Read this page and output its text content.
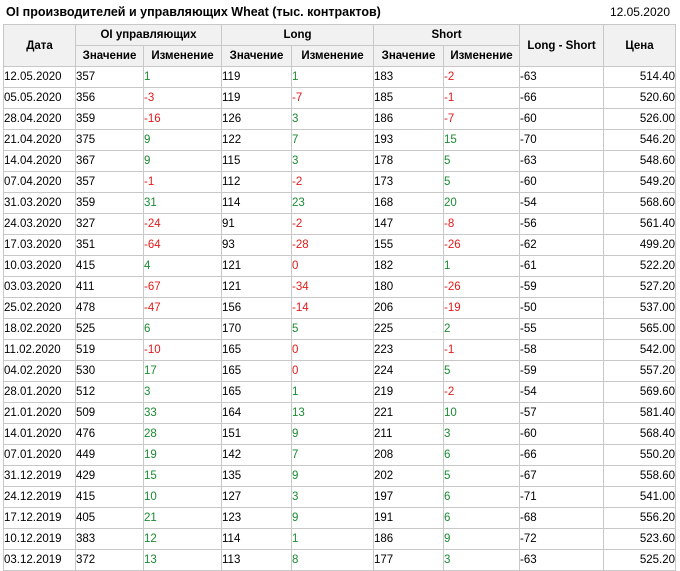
OI производителей и управляющих Wheat (тыс. контрактов)	12.05.2020
Дата	OI управляющих		Long		Short		Long - Short	Цена
	Значение	Изменение	Значение	Изменение	Значение	Изменение		
12.05.2020	357	1	119	1	183	-2	-63	514.40
05.05.2020	356	-3	119	-7	185	-1	-66	520.60
28.04.2020	359	-16	126	3	186	-7	-60	526.00
21.04.2020	375	9	122	7	193	15	-70	546.20
14.04.2020	367	9	115	3	178	5	-63	548.60
07.04.2020	357	-1	112	-2	173	5	-60	549.20
31.03.2020	359	31	114	23	168	20	-54	568.60
24.03.2020	327	-24	91	-2	147	-8	-56	561.40
17.03.2020	351	-64	93	-28	155	-26	-62	499.20
10.03.2020	415	4	121	0	182	1	-61	522.20
03.03.2020	411	-67	121	-34	180	-26	-59	527.20
25.02.2020	478	-47	156	-14	206	-19	-50	537.00
18.02.2020	525	6	170	5	225	2	-55	565.00
11.02.2020	519	-10	165	0	223	-1	-58	542.00
04.02.2020	530	17	165	0	224	5	-59	557.20
28.01.2020	512	3	165	1	219	-2	-54	569.60
21.01.2020	509	33	164	13	221	10	-57	581.40
14.01.2020	476	28	151	9	211	3	-60	568.40
07.01.2020	449	19	142	7	208	6	-66	550.20
31.12.2019	429	15	135	9	202	5	-67	558.60
24.12.2019	415	10	127	3	197	6	-71	541.00
17.12.2019	405	21	123	9	191	6	-68	556.20
10.12.2019	383	12	114	1	186	9	-72	523.60
03.12.2019	372	13	113	8	177	3	-63	525.20
